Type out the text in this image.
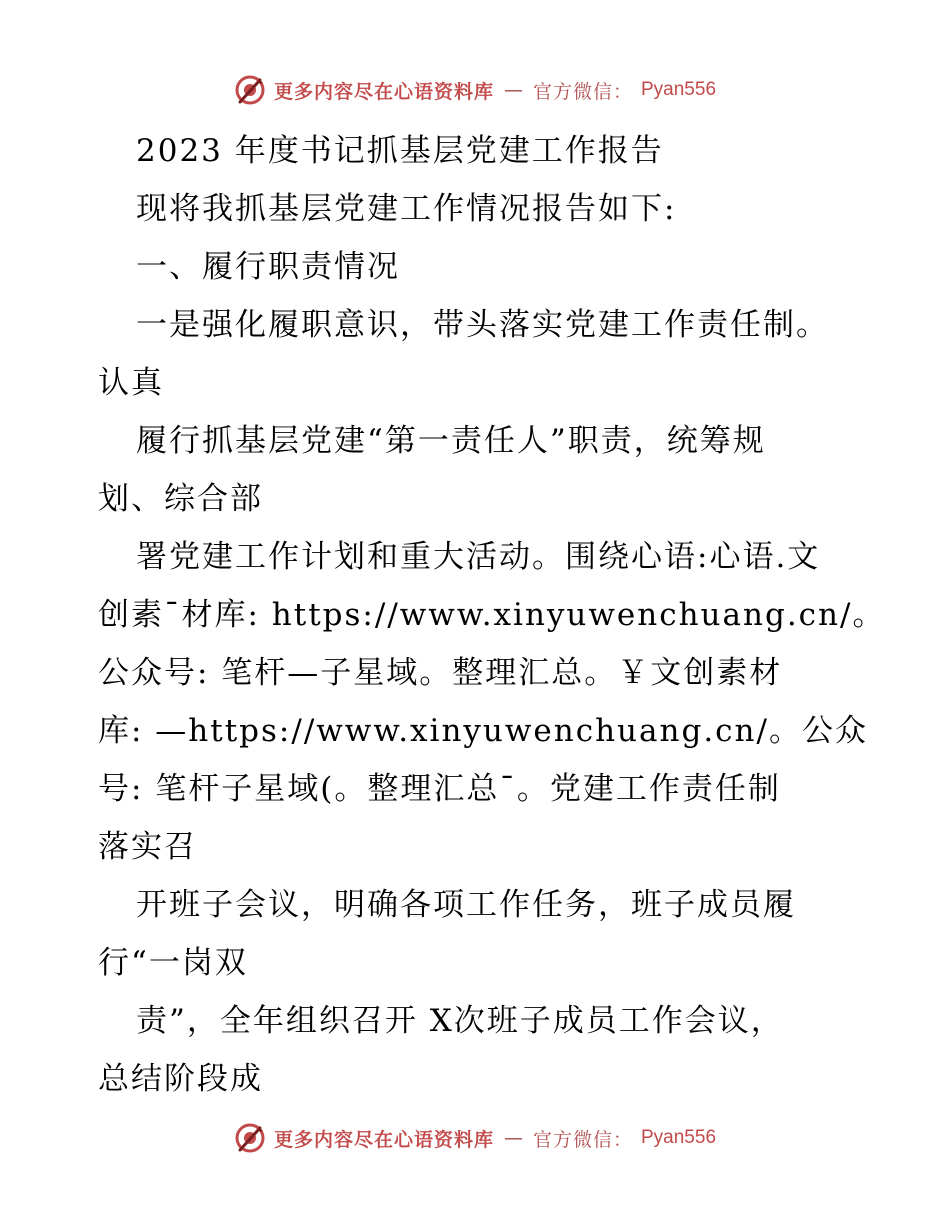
更多内容尽在心语资料库 — 官方微信： Pyan556
2023 年度书记抓基层党建工作报告
现将我抓基层党建工作情况报告如下:
一、履行职责情况
一是强化履职意识，带头落实党建工作责任制。
认真
履行抓基层党建“第一责任人”职责，统筹规
划、综合部
署党建工作计划和重大活动。围绕心语:心语.文
创素¯材库: https://www.xinyuwenchuang.cn/。
公众号: 笔杆—子星域。整理汇总。￥文创素材
库: —https://www.xinyuwenchuang.cn/。公众
号: 笔杆子星域(。整理汇总¯。党建工作责任制
落实召
开班子会议，明确各项工作任务，班子成员履
行“一岗双
责”，全年组织召开 X次班子成员工作会议，
总结阶段成
更多内容尽在心语资料库 — 官方微信： Pyan556
